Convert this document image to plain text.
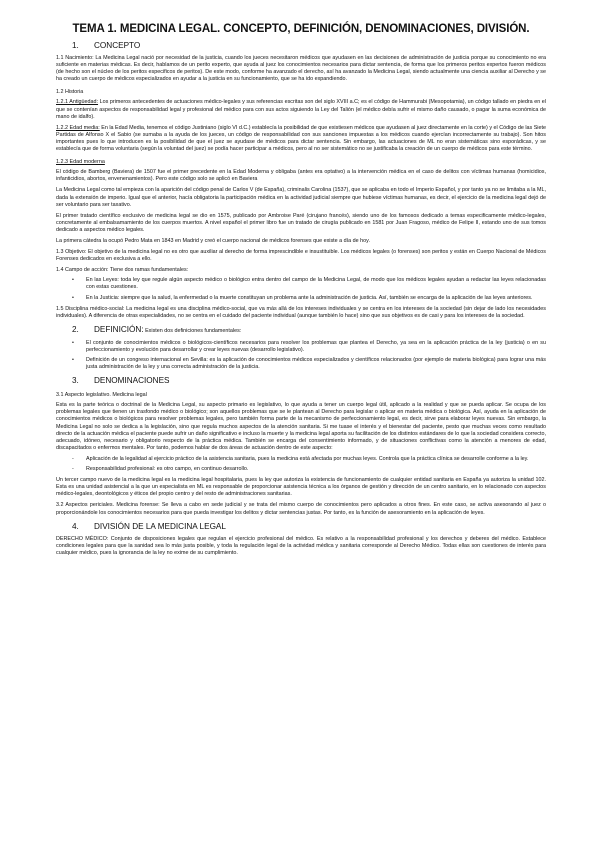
TEMA 1. MEDICINA LEGAL. CONCEPTO, DEFINICIÓN, DENOMINACIONES, DIVISIÓN.
1. CONCEPTO

1.1 Nacimiento: La Medicina Legal nació por necesidad de la justicia, cuando los jueces necesitaron médicos que ayudasen en las decisiones de administración de justicia porque su conocimiento no era suficiente en materias médicas. Es decir, hablamos de un perito experto, que ayuda al juez los conocimientos necesarios para dictar sentencia, de forma que los primeros peritos expertos fueron médicos (de hecho son el núcleo de los peritos especificos de peritos). De este modo, conforme ha avanzado el derecho, así ha avanzado la Medicina Legal, siendo actualmente una ciencia auxiliar al Derecho y se ha creado un cuerpo de médicos especializados en ayudar a la justicia en su funcionamiento, que se ha ido expandiendo.

1.2 Historia

1.2.1 Antigüedad: Los primeros antecedentes de actuaciones médico-legales y sus referencias escritas son del siglo XVIII a.C; es el código de Hammurabi (Mesopotamia), un código tallado en piedra en el que se contenían aspectos de responsabilidad legal y profesional del médico para con sus actos siguiendo la Ley del Talión (el médico debía sufrir el mismo daño causado, o pagar la suma económica de mano de idalfo).

1.2.2 Edad media: En la Edad Media, tenemos el código Justiniano (siglo VI d.C.) establecía la posibilidad de que existiesen médicos que ayudasen al juez directamente en la corte) y el Código de las Siete Partidas de Alfonso X el Sabio (se sumaba a la ayuda de los jueces, un código de responsabilidad con sus sanciones impuestas a los médicos cuando ejercían incorrectamente su trabajo). Son hitos importantes pues lo que introducen es la posibilidad de que el juez se ayudase de médicos para dictar sentencia. Sin embargo, las actuaciones de ML no eran sistemáticas sino esporádicas, y se establecía que de forma voluntaria (según la voluntad del juez) se podía hacer participar a médicos, pero al no ser sistemático no se justificaba la creación de un cuerpo de médicos para este término.

1.2.3 Edad moderna

El código de Bamberg (Baviera) de 1507 fue el primer precedente en la Edad Moderna y obligaba (antes era optativo) a la intervención médica en el caso de delitos con víctimas humanas (homicidios, infanticidios, abortos, envenenamientos). Pero este código solo se aplicó en Baviera

La Medicina Legal como tal empieza con la aparición del código penal de Carlos V (de España), criminalis Carolina (1537), que se aplicaba en todo el Imperio Español, y por tanto ya no se limitaba a la ML, dada la extensión de imperio. Igual que el anterior, hacía obligatoria la participación médica en la actividad judicial siempre que hubiese víctimas humanas, es decir, el ejercicio de la medicina legal dejó de ser voluntario para ser taxativo.

El primer tratado científico exclusivo de medicina legal se dio en 1575, publicado por Ambroise Paré (cirujano francés), siendo uno de los famosos dedicado a temas especificamente médico-legales, concretamente al embalsamamiento de los cuerpos muertos. A nivel español el primer libro fue un tratado de cirugía publicado en 1581 por Juan Fragoso, médico de Felipe II, estando uno de sus tomos dedicado a aspectos médico legales.

La primera cátedra la ocupó Pedro Mata en 1843 en Madrid y creó el cuerpo nacional de médicos forenses que existe a día de hoy.

1.3 Objetivo: El objetivo de la medicina legal no es otro que auxiliar al derecho de forma imprescindible e insustituible. Los médicos legales (o forenses) son peritos y están en Cuerpo Nacional de Médicos Forenses dedicados en exclusiva a ello.

1.4 Campo de acción: Tiene dos ramas fundamentales:

• En las Leyes: toda ley que regule algún aspecto médico o biológico entra dentro del campo de la Medicina Legal, de modo que los médicos legales ayudan a redactar las leyes relacionadas con estas cuestiones.
• En la Justicia: siempre que la salud, la enfermedad o la muerte constituyan un problema ante la administración de justicia. Así, también se encarga de la aplicación de las leyes anteriores.

1.5 Disciplina médico-social: La medicina legal es una disciplina médico-social, que va más allá de los intereses individuales y se centra en los intereses de la sociedad (sin dejar de lado los necesidades individuales). A diferencia de otras especialidades, no se centra en el cuidado del paciente individual (aunque también lo hace) sino que sus objetivos es de casi y para los intereses de la sociedad.

2. DEFINICIÓN: Existen dos definiciones fundamentales:
• El conjunto de conocimientos médicos o biológicos-científicos necesarios para resolver los problemas que plantea el Derecho, ya sea en la aplicación práctica de la ley (justicia) o en su perfeccionamiento y evolución para desarrollar y crear leyes nuevas (desarrollo legislativo).
• Definición de un congreso internacional en Sevilla: es la aplicación de conocimientos médicos especializados y científicos relacionados (por ejemplo de materia biológica) para lograr una más justa administración de la ley y una correcta administración de la justicia.
3. DENOMINACIONES

3.1 Aspecto legislativo. Medicina legal

Esta es la parte teórica o doctrinal de la Medicina Legal, su aspecto primario es legislativo, lo que ayuda a tener un cuerpo legal útil, aplicado a la realidad y que se pueda aplicar. Se ocupa de los problemas legales que tienen un trasfondo médico o biológico; son aquellos problemas que se le plantean al Derecho para legislar o aplicar en materia médica o biológica. Así, ayuda en la aplicación de conocimientos médicos o biológicos para resolver problemas legales, pero también forma parte de la mecanismo de perfeccionamiento legal, es decir, sirve para elaborar leyes nuevas. Sin embargo, la Medicina Legal no solo se dedica a la legislación, sino que regula muchos aspectos de la atención sanitaria. Si me tuase el interés y el bienestar del paciente, pesto que muchas veces como resultado directo de la actuación médica el paciente puede sufrir un daño significativo e incluso la muerte y la medicina legal aporta su facilitación de los distintos estándares de lo que la sociedad considera correcto, adecuado, idóneo, necesario y obligatorio respecto de la práctica médica. También se encarga del consentimiento informado, y de situaciones conflictivas como la atención a menores de edad, discapacitados o enfermos mentales. Por tanto, podemos hablar de dos áreas de actuación dentro de este aspecto:

- Aplicación de la legalidad al ejercicio práctico de la asistencia sanitaria, pues la medicina está afectada por muchas leyes. Controla que la práctica clínica se desarrolle conforme a la ley.
- Responsabilidad profesional: es otro campo, en continuo desarrollo.

Un tercer campo nuevo de la medicina legal es la medicina legal hospitalaria, pues la ley que autoriza la existencia de funcionamiento de cualquier entidad sanitaria en España ya autoriza la unidad 102. Esta es una unidad asistencial a la que un especialista en ML es responsable de proporcionar asistencia técnica a los órganos de gestión y dirección de un centro sanitario, en lo relacionado con aspectos médico-legales, deontológicos y éticos del propio centro y del resto de administraciones sanitarias.

3.2 Aspectos periciales. Medicina forense: Se lleva a cabo en sede judicial y se trata del mismo cuerpo de conocimientos pero aplicados a otros fines. En este caso, se activa asesorando al juez o proporcionándole los conocimientos necesarios para que pueda investigar los delitos y dictar sentencias justas. Por tanto, es la función de asesoramiento en la aplicación de leyes.

4. DIVISIÓN DE LA MEDICINA LEGAL

DERECHO MÉDICO: Conjunto de disposiciones legales que regulan el ejercicio profesional del médico. Es relativo a la responsabilidad profesional y los derechos y deberes del médico. Establece condiciones legales para que la sanidad sea lo más justa posible, y toda la regulación legal de la actividad médica y sanitaria corresponde al Derecho Médico. Todas ellas son cuestiones de interés para cualquier médico, pues la ignorancia de la ley no exime de su cumplimiento.
